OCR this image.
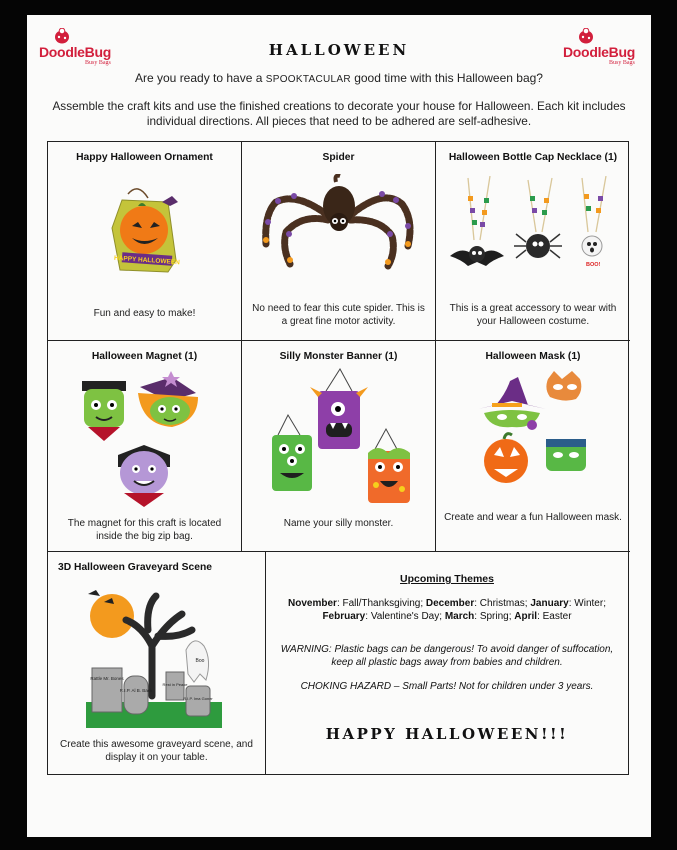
DoodleBug
Busy Bags
DoodleBug
Busy Bags
HALLOWEEN
Are you ready to have a SPOOKTACULAR good time with this Halloween bag?
Assemble the craft kits and use the finished creations to decorate your house for Halloween. Each kit includes individual directions. All pieces that need to be adhered are self-adhesive.
Happy Halloween Ornament
HAPPY HALLOWEEN
Fun and easy to make!
Spider
No need to fear this cute spider. This is a great fine motor activity.
Halloween Bottle Cap Necklace (1)
BOO!
This is a great accessory to wear with your Halloween costume.
Halloween Magnet (1)
The magnet for this craft is located inside the big zip bag.
Silly Monster Banner (1)
Name your silly monster.
Halloween Mask (1)
Create and wear a fun Halloween mask.
3D Halloween Graveyard Scene
Rattle Mr. Bones
R.I.P. Al B. Back
Rest in Peace
R.I.P. Ima Goner
Boo
Create this awesome graveyard scene, and display it on your table.
Upcoming Themes
November: Fall/Thanksgiving; December: Christmas; January: Winter;
February: Valentine's Day; March: Spring; April: Easter
WARNING: Plastic bags can be dangerous! To avoid danger of suffocation, keep all plastic bags away from babies and children.
CHOKING HAZARD – Small Parts! Not for children under 3 years.
HAPPY HALLOWEEN!!!
